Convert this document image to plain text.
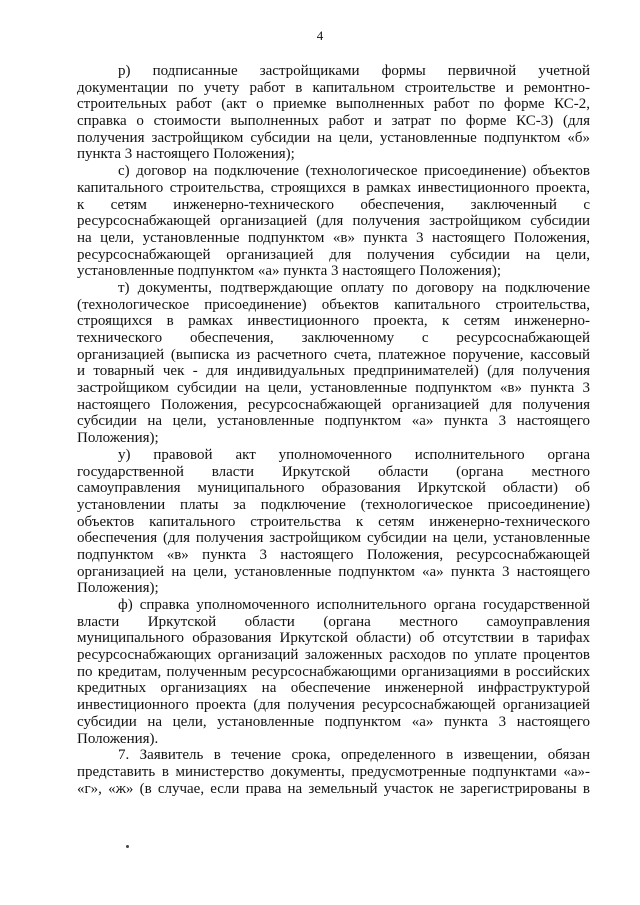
4
р) подписанные застройщиками формы первичной учетной
документации по учету работ в капитальном строительстве и ремонтно-
строительных работ (акт о приемке выполненных работ по форме КС-2,
справка о стоимости выполненных работ и затрат по форме КС-3) (для
получения застройщиком субсидии на цели, установленные подпунктом «б»
пункта 3 настоящего Положения);
с) договор на подключение (технологическое присоединение) объектов
капитального строительства, строящихся в рамках инвестиционного проекта,
к сетям инженерно-технического обеспечения, заключенный с
ресурсоснабжающей организацией (для получения застройщиком субсидии
на цели, установленные подпунктом «в» пункта 3 настоящего Положения,
ресурсоснабжающей организацией для получения субсидии на цели,
установленные подпунктом «а» пункта 3 настоящего Положения);
т) документы, подтверждающие оплату по договору на подключение
(технологическое присоединение) объектов капитального строительства,
строящихся в рамках инвестиционного проекта, к сетям инженерно-
технического обеспечения, заключенному с ресурсоснабжающей
организацией (выписка из расчетного счета, платежное поручение, кассовый
и товарный чек - для индивидуальных предпринимателей) (для получения
застройщиком субсидии на цели, установленные подпунктом «в» пункта 3
настоящего Положения, ресурсоснабжающей организацией для получения
субсидии на цели, установленные подпунктом «а» пункта 3 настоящего
Положения);
у) правовой акт уполномоченного исполнительного органа
государственной власти Иркутской области (органа местного
самоуправления муниципального образования Иркутской области) об
установлении платы за подключение (технологическое присоединение)
объектов капитального строительства к сетям инженерно-технического
обеспечения (для получения застройщиком субсидии на цели, установленные
подпунктом «в» пункта 3 настоящего Положения, ресурсоснабжающей
организацией на цели, установленные подпунктом «а» пункта 3 настоящего
Положения);
ф) справка уполномоченного исполнительного органа государственной
власти Иркутской области (органа местного самоуправления
муниципального образования Иркутской области) об отсутствии в тарифах
ресурсоснабжающих организаций заложенных расходов по уплате процентов
по кредитам, полученным ресурсоснабжающими организациями в российских
кредитных организациях на обеспечение инженерной инфраструктурой
инвестиционного проекта (для получения ресурсоснабжающей организацией
субсидии на цели, установленные подпунктом «а» пункта 3 настоящего
Положения).
7. Заявитель в течение срока, определенного в извещении, обязан
представить в министерство документы, предусмотренные подпунктами «а»-
«г», «ж» (в случае, если права на земельный участок не зарегистрированы в
